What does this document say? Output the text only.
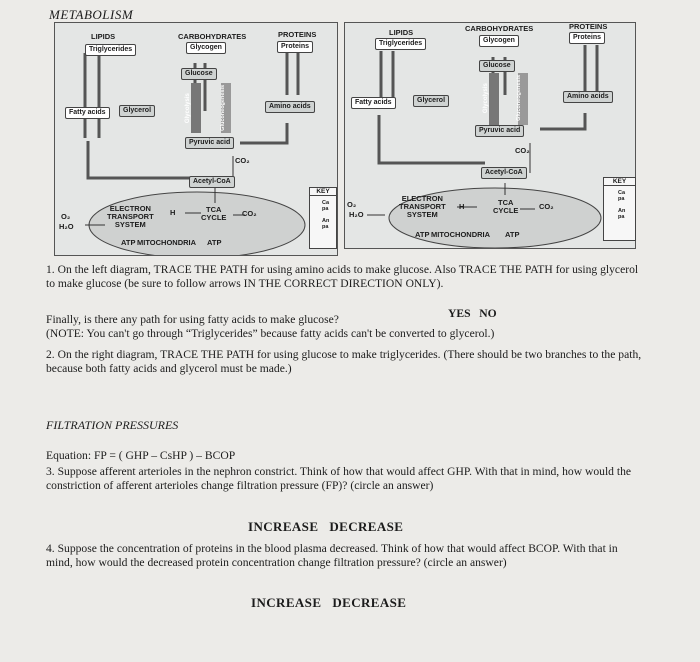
METABOLISM
LIPIDS
Triglycerides
CARBOHYDRATES
Glycogen
PROTEINS
Proteins
Glucose
Fatty acids	Glycerol
Amino acids
Glycolysis	Gluconeogenesis
Pyruvic acid
CO₂
Acetyl-CoA
O₂
H₂O
ELECTRON
TRANSPORT
SYSTEM
H	TCA
CYCLE CO₂
ATP MITOCHONDRIA ATP
KEY
Ca
pa
An
pa
LIPIDS
Triglycerides
CARBOHYDRATES
Glycogen
PROTEINS
Proteins
Glucose
Fatty acids	Glycerol
Amino acids
Glycolysis	Gluconeogenesis
Pyruvic acid
CO₂
Acetyl-CoA
O₂
H₂O
ELECTRON
TRANSPORT
SYSTEM
H	TCA
CYCLE	CO₂
ATP MITOCHONDRIA ATP
KEY
Ca
pa
An
pa
1. On the left diagram, TRACE THE PATH for using amino acids to make glucose. Also TRACE THE PATH for using glycerol to make glucose (be sure to follow arrows IN THE CORRECT DIRECTION ONLY).
Finally, is there any path for using fatty acids to make glucose?	YES   NO
(NOTE: You can't go through “Triglycerides” because fatty acids can't be converted to glycerol.)
2. On the right diagram, TRACE THE PATH for using glucose to make triglycerides. (There should be two branches to the path, because both fatty acids and glycerol must be made.)
FILTRATION PRESSURES
Equation: FP = ( GHP – CsHP ) – BCOP
3. Suppose afferent arterioles in the nephron constrict. Think of how that would affect GHP. With that in mind, how would the constriction of afferent arterioles change filtration pressure (FP)? (circle an answer)
INCREASE   DECREASE
4. Suppose the concentration of proteins in the blood plasma decreased. Think of how that would affect BCOP. With that in mind, how would the decreased protein concentration change filtration pressure? (circle an answer)
INCREASE   DECREASE
